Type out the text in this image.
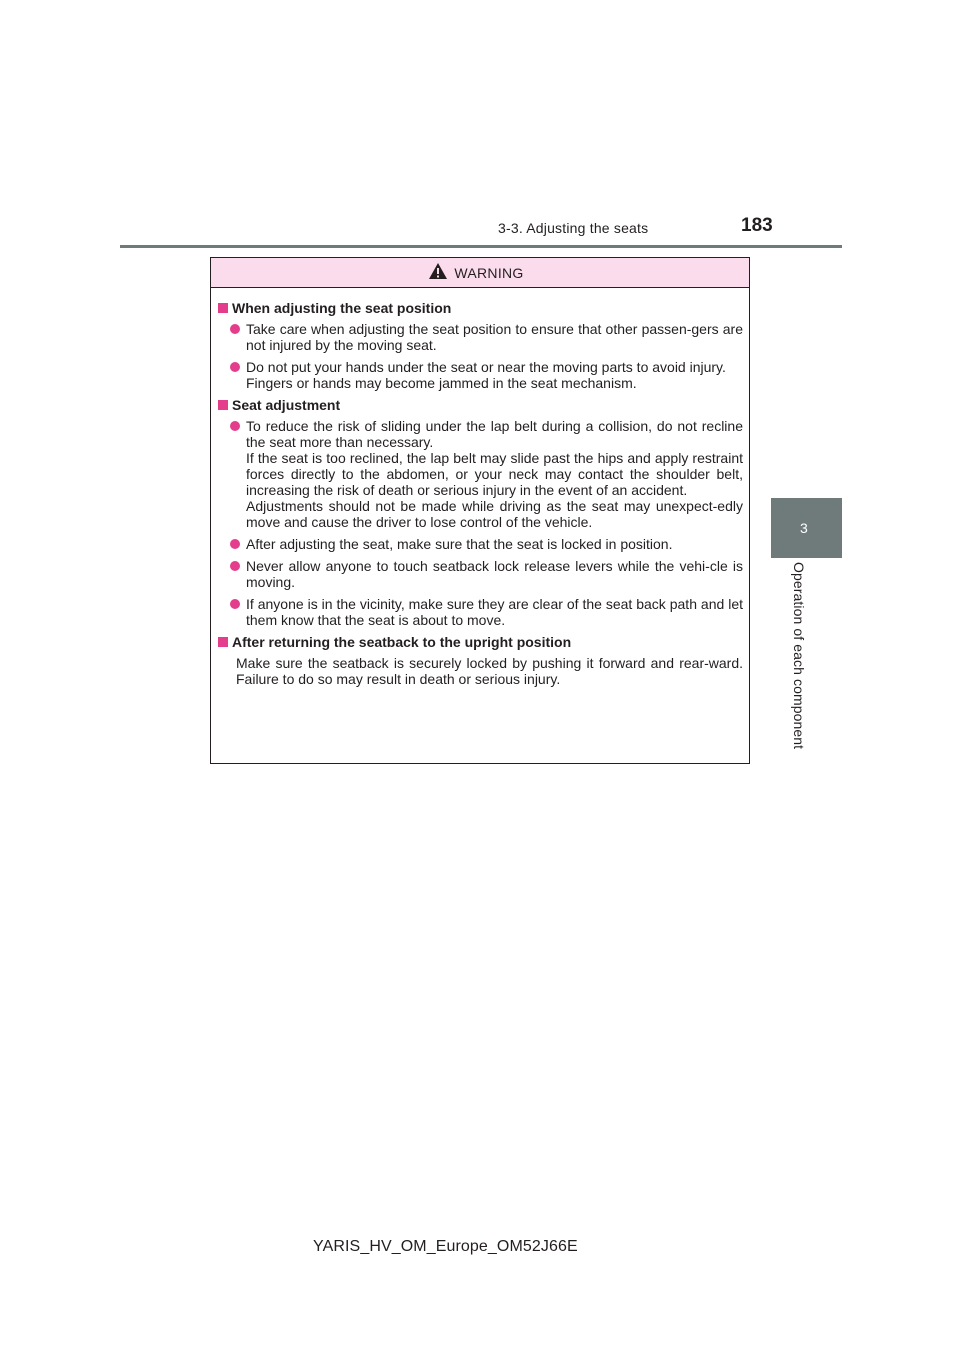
3-3. Adjusting the seats	183
3
Operation of each component
WARNING
When adjusting the seat position
Take care when adjusting the seat position to ensure that other passen-gers are not injured by the moving seat.
Do not put your hands under the seat or near the moving parts to avoid injury.
Fingers or hands may become jammed in the seat mechanism.
Seat adjustment
To reduce the risk of sliding under the lap belt during a collision, do not recline the seat more than necessary.
If the seat is too reclined, the lap belt may slide past the hips and apply restraint forces directly to the abdomen, or your neck may contact the shoulder belt, increasing the risk of death or serious injury in the event of an accident.
Adjustments should not be made while driving as the seat may unexpect-edly move and cause the driver to lose control of the vehicle.
After adjusting the seat, make sure that the seat is locked in position.
Never allow anyone to touch seatback lock release levers while the vehi-cle is moving.
If anyone is in the vicinity, make sure they are clear of the seat back path and let them know that the seat is about to move.
After returning the seatback to the upright position
Make sure the seatback is securely locked by pushing it forward and rear-ward. Failure to do so may result in death or serious injury.
YARIS_HV_OM_Europe_OM52J66E
